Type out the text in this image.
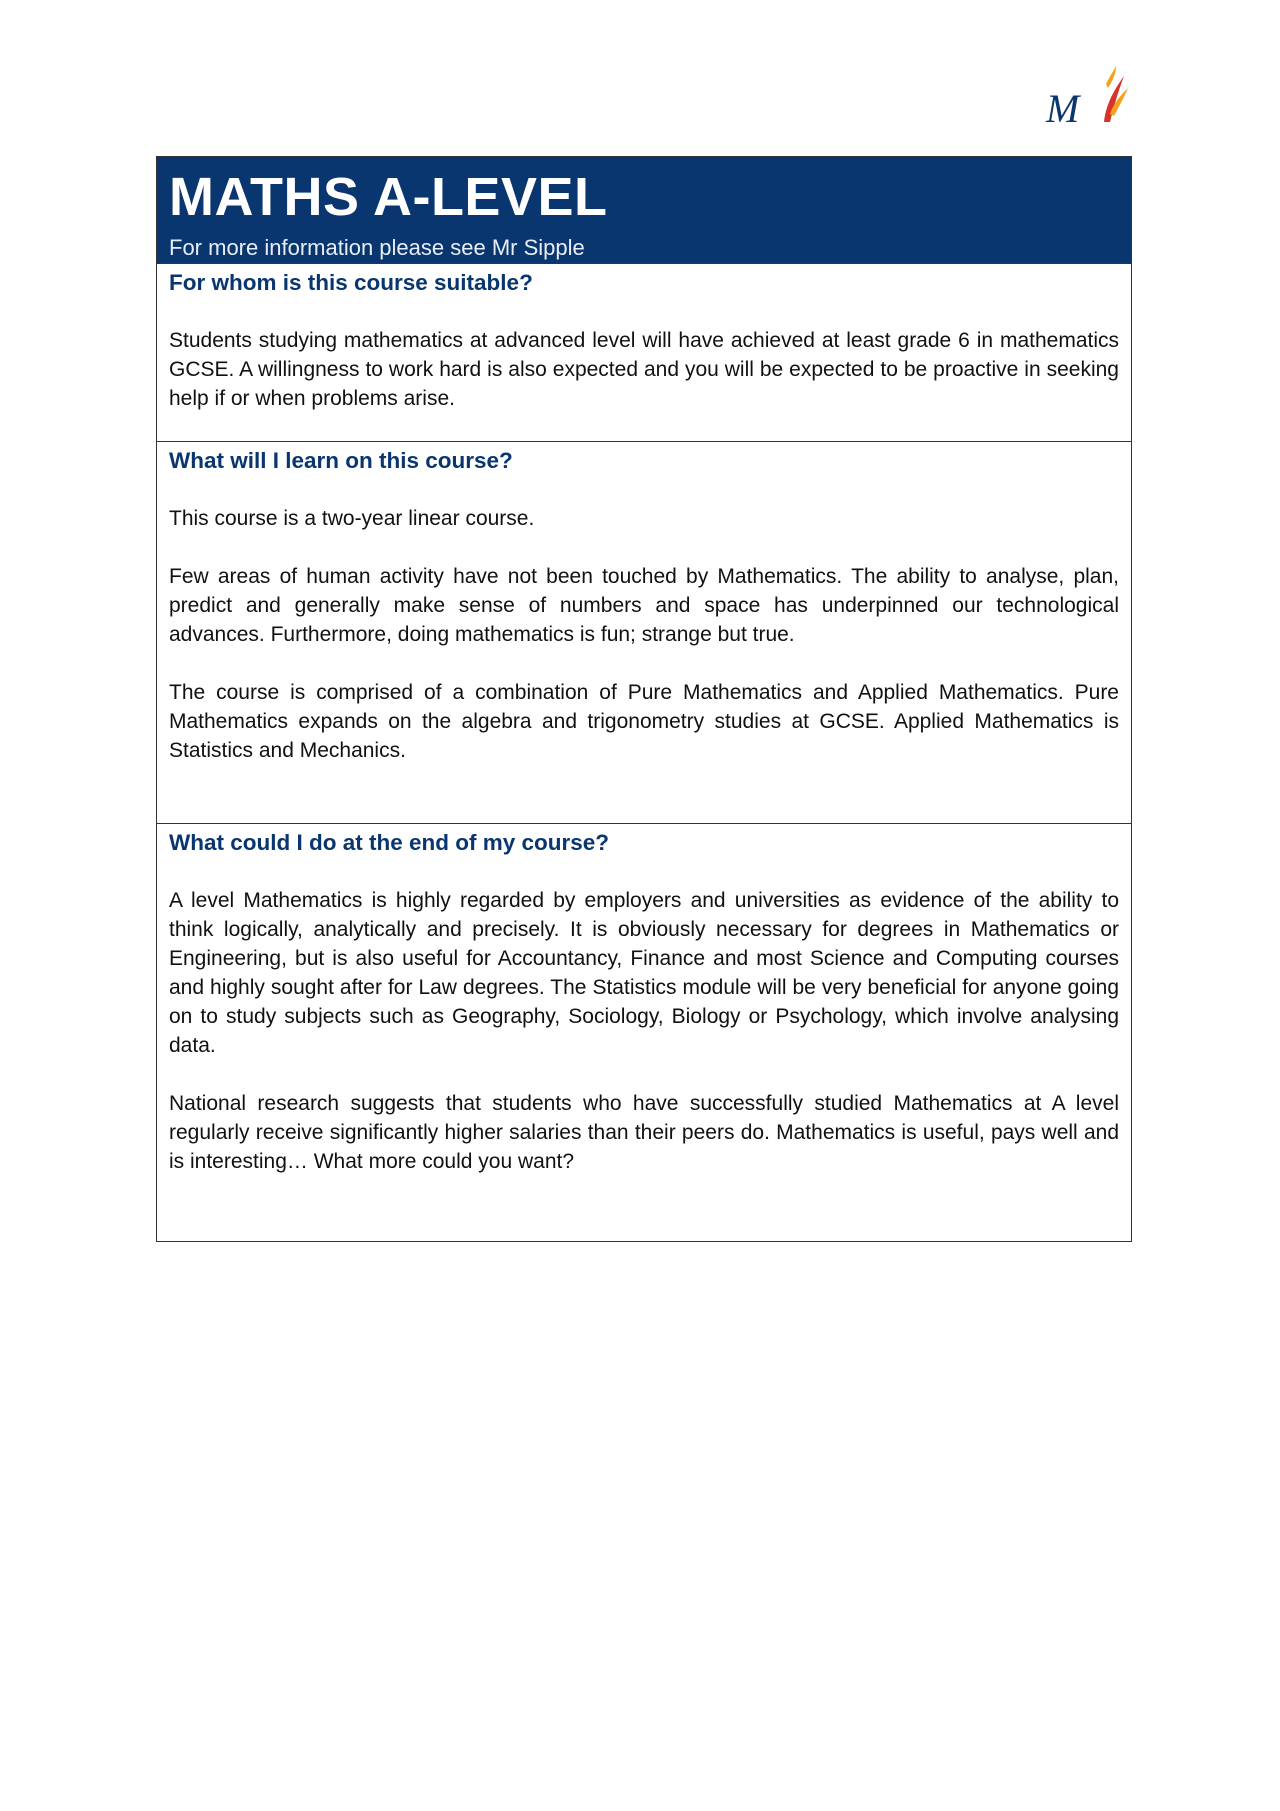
M
MATHS A-LEVEL
For more information please see Mr Sipple
For whom is this course suitable?

Students studying mathematics at advanced level will have achieved at least grade 6 in mathematics GCSE. A willingness to work hard is also expected and you will be expected to be proactive in seeking help if or when problems arise.

What will I learn on this course?

This course is a two-year linear course.

Few areas of human activity have not been touched by Mathematics. The ability to analyse, plan, predict and generally make sense of numbers and space has underpinned our technological advances. Furthermore, doing mathematics is fun; strange but true.

The course is comprised of a combination of Pure Mathematics and Applied Mathematics. Pure Mathematics expands on the algebra and trigonometry studies at GCSE. Applied Mathematics is Statistics and Mechanics.

What could I do at the end of my course?

A level Mathematics is highly regarded by employers and universities as evidence of the ability to think logically, analytically and precisely. It is obviously necessary for degrees in Mathematics or Engineering, but is also useful for Accountancy, Finance and most Science and Computing courses and highly sought after for Law degrees. The Statistics module will be very beneficial for anyone going on to study subjects such as Geography, Sociology, Biology or Psychology, which involve analysing data.

National research suggests that students who have successfully studied Mathematics at A level regularly receive significantly higher salaries than their peers do. Mathematics is useful, pays well and is interesting… What more could you want?
